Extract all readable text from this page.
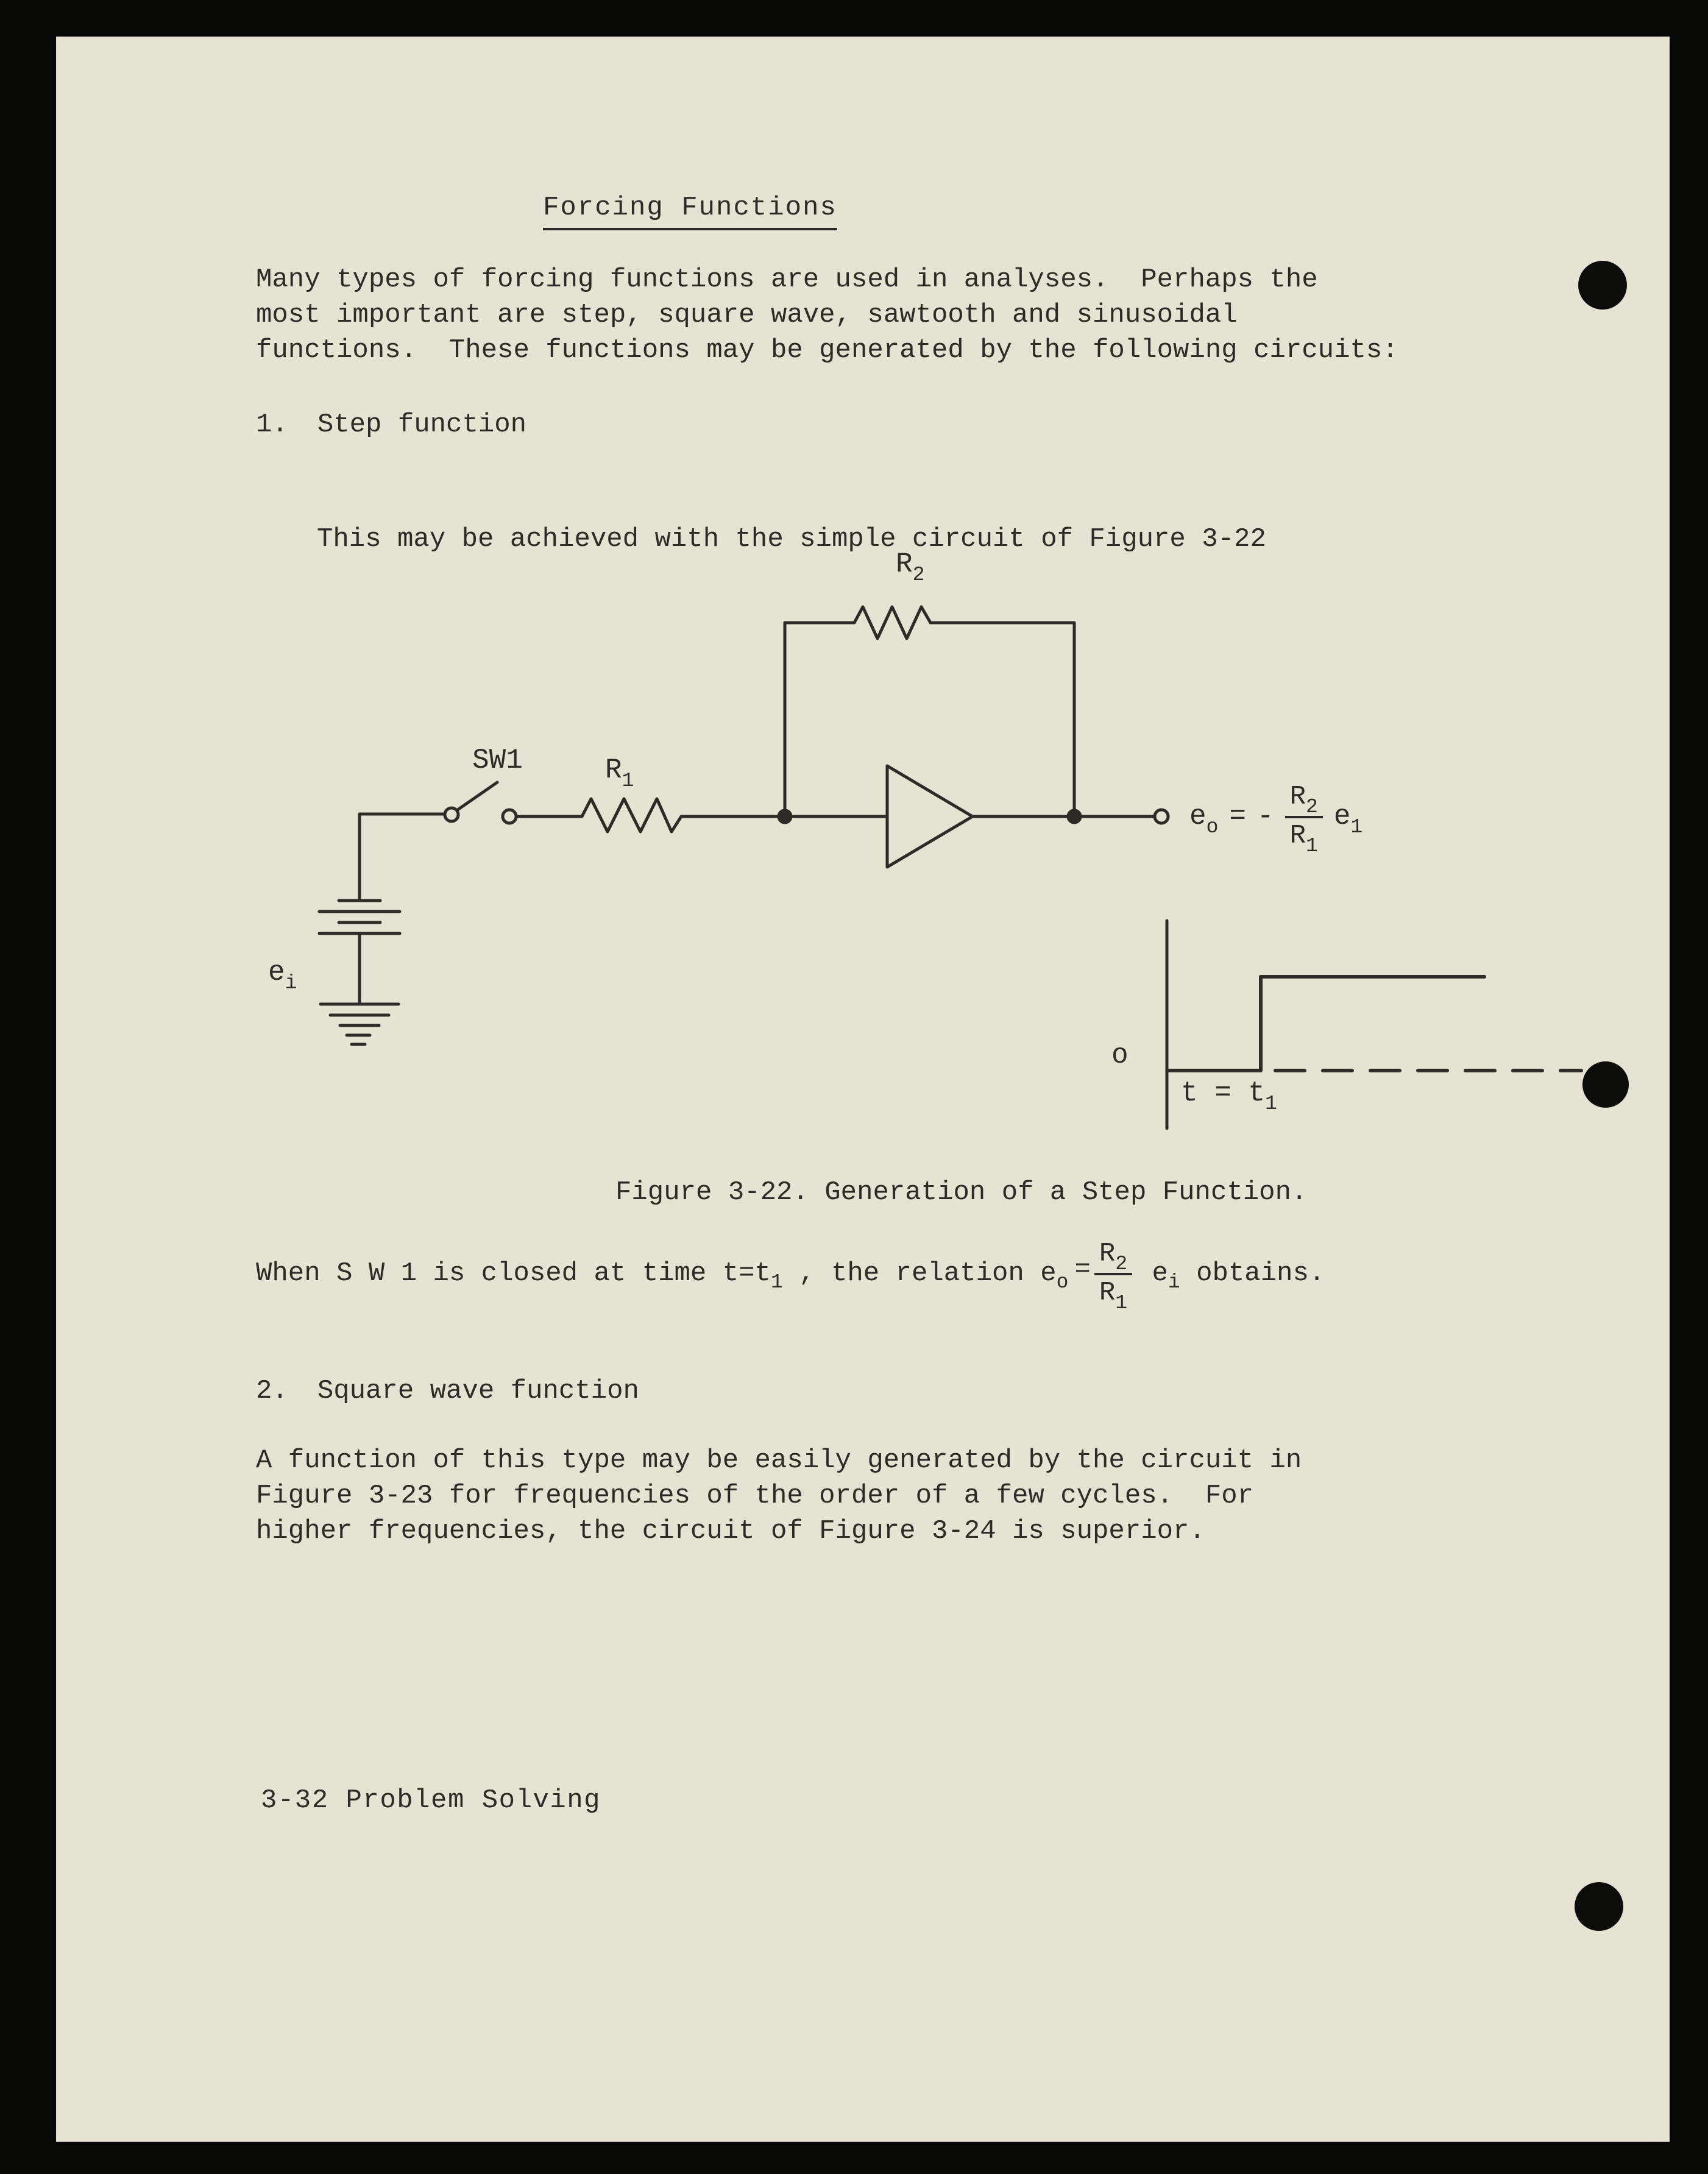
Forcing Functions
Many types of forcing functions are used in analyses.  Perhaps the
most important are step, square wave, sawtooth and sinusoidal
functions.  These functions may be generated by the following circuits:
1. Step function
This may be achieved with the simple circuit of Figure 3-22
SW1	$R_1$
$R_2$
$e_i$
$e_o$ = - $\frac{R_2}{R_1} e_1$
o
$t = t_1$
Figure 3-22. Generation of a Step Function.
When S W 1 is closed at time t=t 1 , the relation e $o = \frac{R_2}{R_1}$ e i obtains.
2. Square wave function
A function of this type may be easily generated by the circuit in
Figure 3-23 for frequencies of the order of a few cycles.  For
higher frequencies, the circuit of Figure 3-24 is superior.
3-32 Problem Solving
